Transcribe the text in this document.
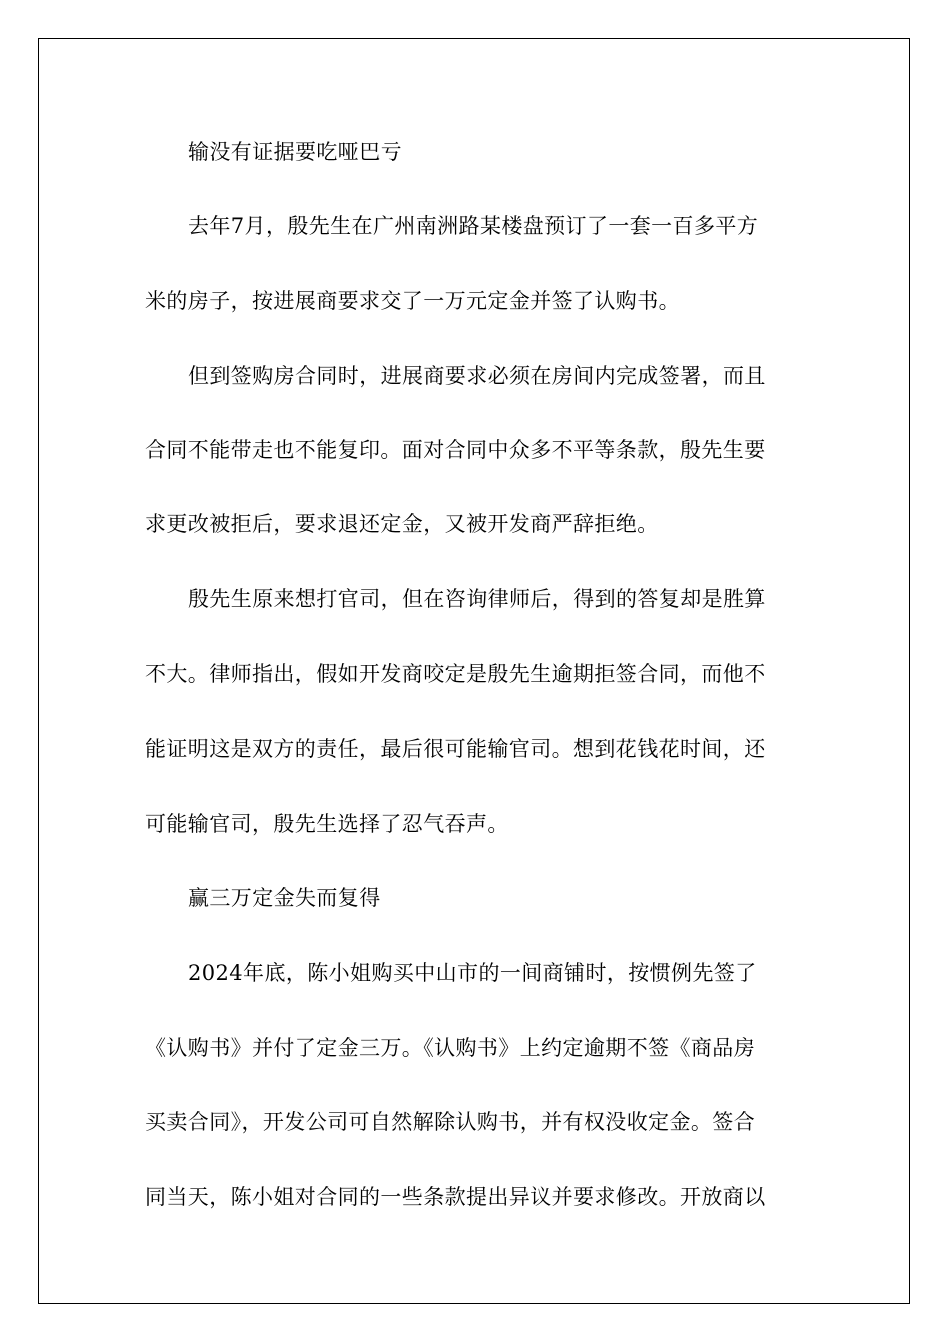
输没有证据要吃哑巴亏
去年7月，殷先生在广州南洲路某楼盘预订了一套一百多平方
米的房子，按进展商要求交了一万元定金并签了认购书。
但到签购房合同时，进展商要求必须在房间内完成签署，而且
合同不能带走也不能复印。面对合同中众多不平等条款，殷先生要
求更改被拒后，要求退还定金，又被开发商严辞拒绝。
殷先生原来想打官司，但在咨询律师后，得到的答复却是胜算
不大。律师指出，假如开发商咬定是殷先生逾期拒签合同，而他不
能证明这是双方的责任，最后很可能输官司。想到花钱花时间，还
可能输官司，殷先生选择了忍气吞声。
赢三万定金失而复得
2024年底，陈小姐购买中山市的一间商铺时，按惯例先签了
《认购书》并付了定金三万。《认购书》上约定逾期不签《商品房
买卖合同》，开发公司可自然解除认购书，并有权没收定金。签合
同当天，陈小姐对合同的一些条款提出异议并要求修改。开放商以
